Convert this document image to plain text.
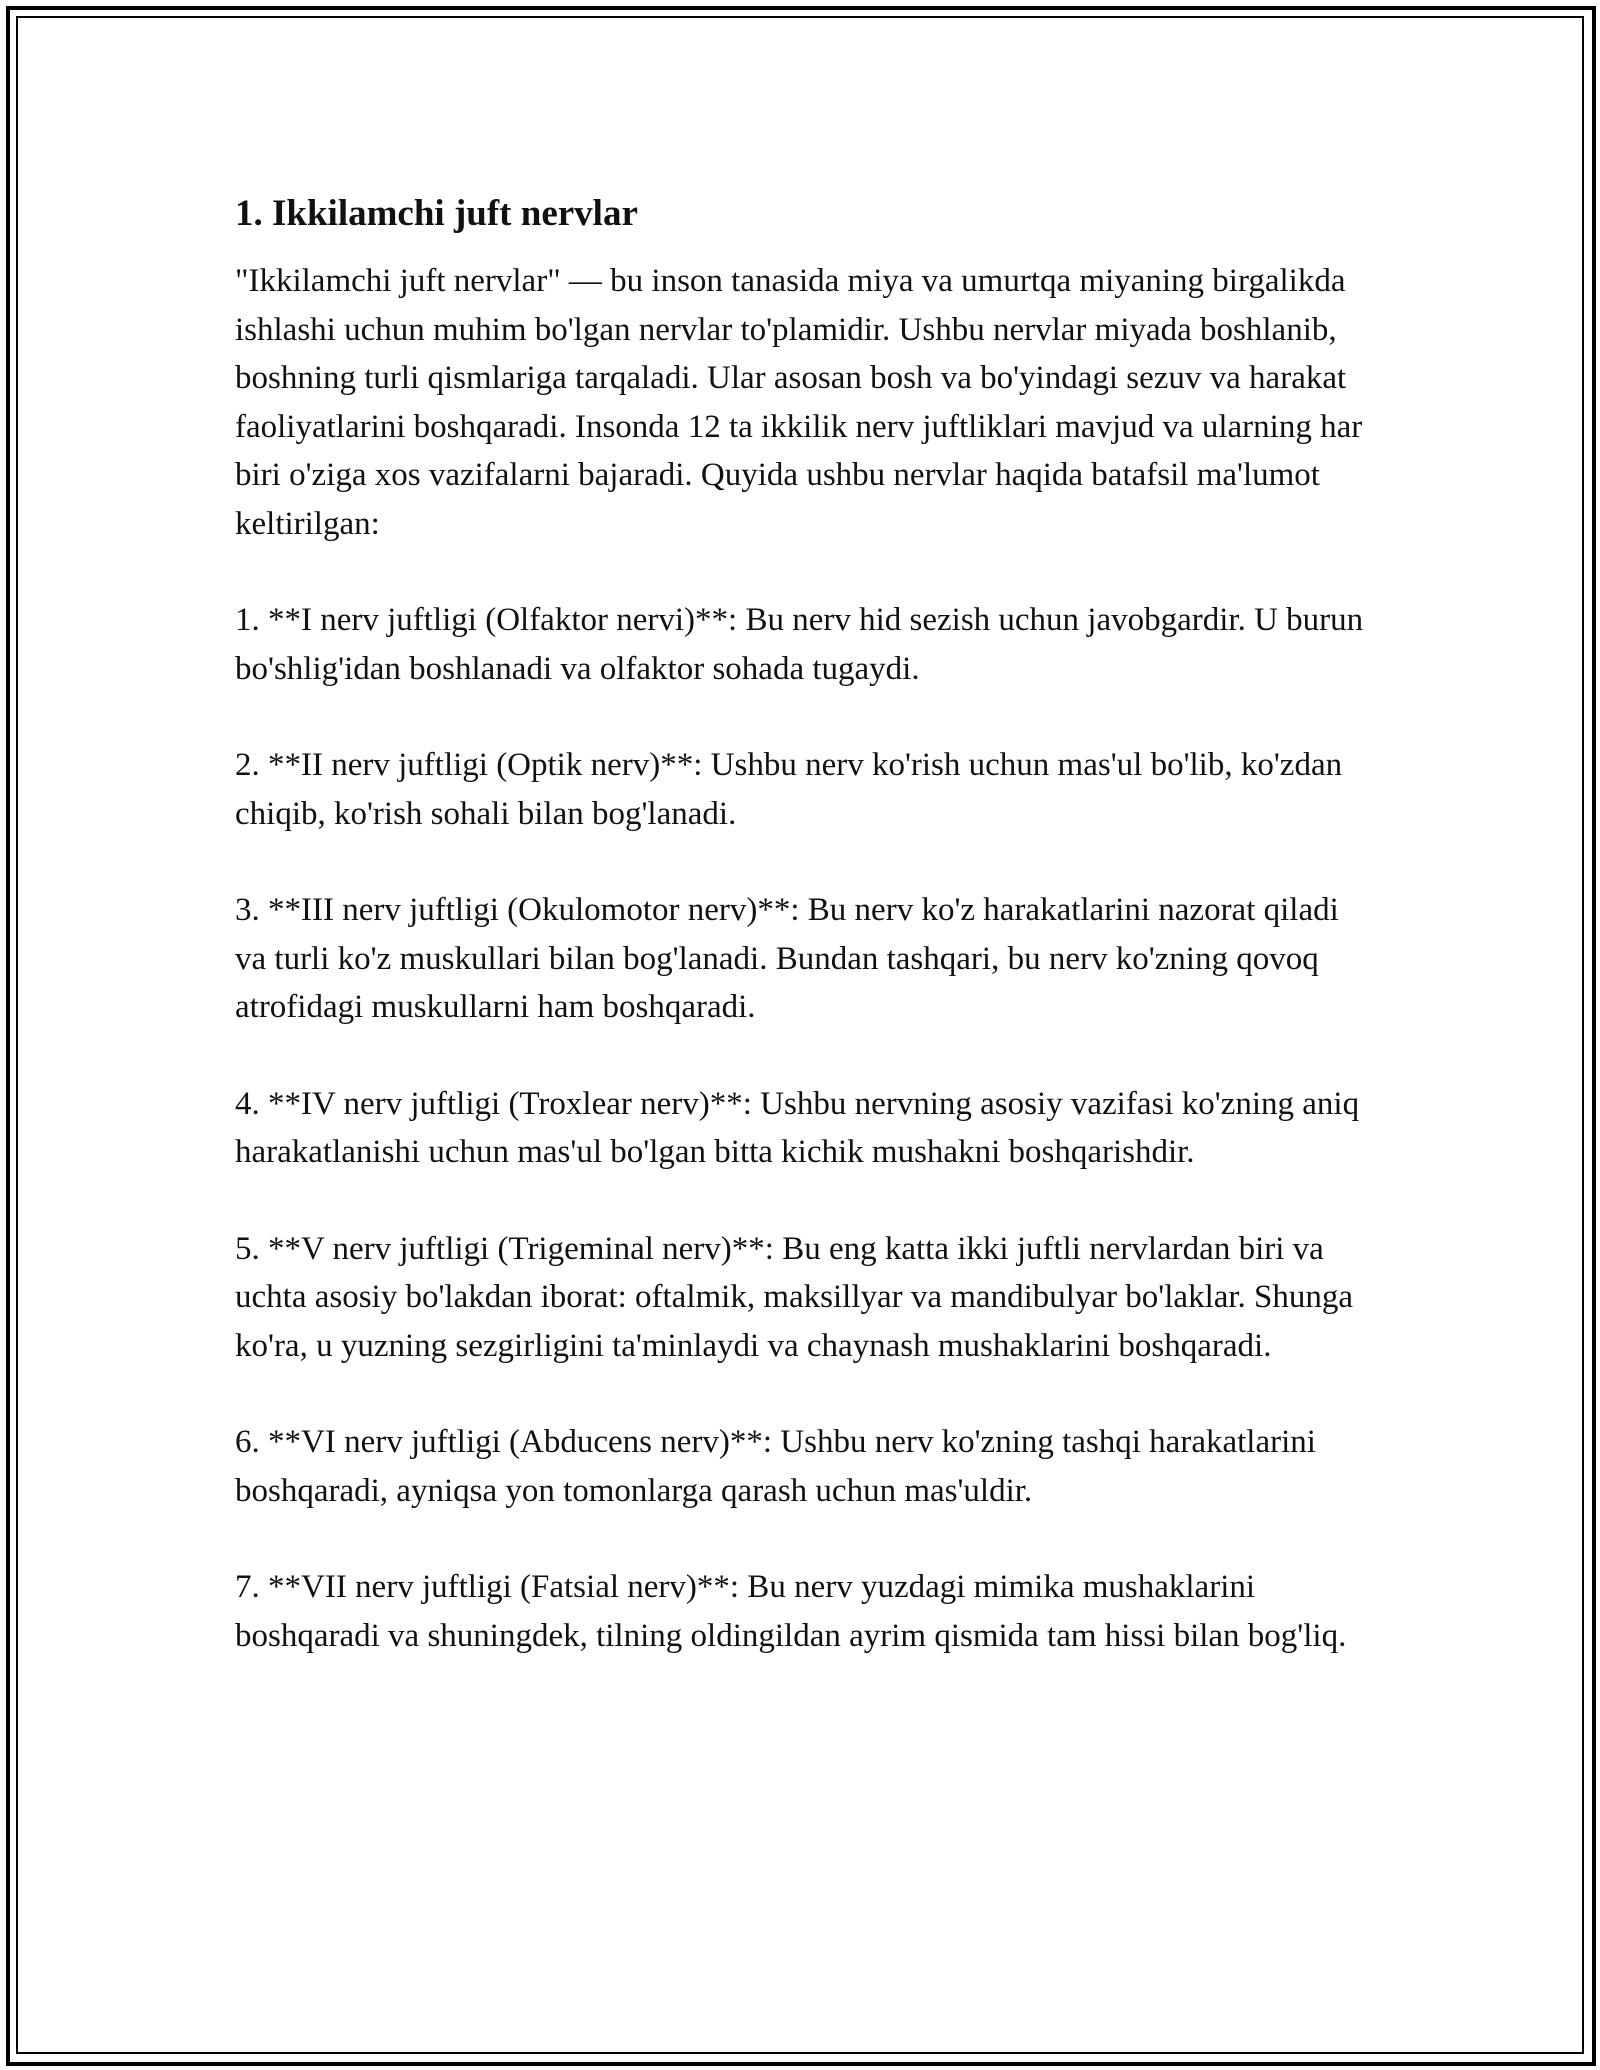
1. Ikkilamchi juft nervlar

"Ikkilamchi juft nervlar" — bu inson tanasida miya va umurtqa miyaning birgalikda ishlashi uchun muhim bo'lgan nervlar to'plamidir. Ushbu nervlar miyada boshlanib, boshning turli qismlariga tarqaladi. Ular asosan bosh va bo'yindagi sezuv va harakat faoliyatlarini boshqaradi. Insonda 12 ta ikkilik nerv juftliklari mavjud va ularning har biri o'ziga xos vazifalarni bajaradi. Quyida ushbu nervlar haqida batafsil ma'lumot keltirilgan:

1. **I nerv juftligi (Olfaktor nervi)**: Bu nerv hid sezish uchun javobgardir. U burun bo'shlig'idan boshlanadi va olfaktor sohada tugaydi.

2. **II nerv juftligi (Optik nerv)**: Ushbu nerv ko'rish uchun mas'ul bo'lib, ko'zdan chiqib, ko'rish sohali bilan bog'lanadi.

3. **III nerv juftligi (Okulomotor nerv)**: Bu nerv ko'z harakatlarini nazorat qiladi va turli ko'z muskullari bilan bog'lanadi. Bundan tashqari, bu nerv ko'zning qovoq atrofidagi muskullarni ham boshqaradi.

4. **IV nerv juftligi (Troxlear nerv)**: Ushbu nervning asosiy vazifasi ko'zning aniq harakatlanishi uchun mas'ul bo'lgan bitta kichik mushakni boshqarishdir.

5. **V nerv juftligi (Trigeminal nerv)**: Bu eng katta ikki juftli nervlardan biri va uchta asosiy bo'lakdan iborat: oftalmik, maksillyar va mandibulyar bo'laklar. Shunga ko'ra, u yuzning sezgirligini ta'minlaydi va chaynash mushaklarini boshqaradi.

6. **VI nerv juftligi (Abducens nerv)**: Ushbu nerv ko'zning tashqi harakatlarini boshqaradi, ayniqsa yon tomonlarga qarash uchun mas'uldir.

7. **VII nerv juftligi (Fatsial nerv)**: Bu nerv yuzdagi mimika mushaklarini boshqaradi va shuningdek, tilning oldingildan ayrim qismida tam hissi bilan bog'liq.
